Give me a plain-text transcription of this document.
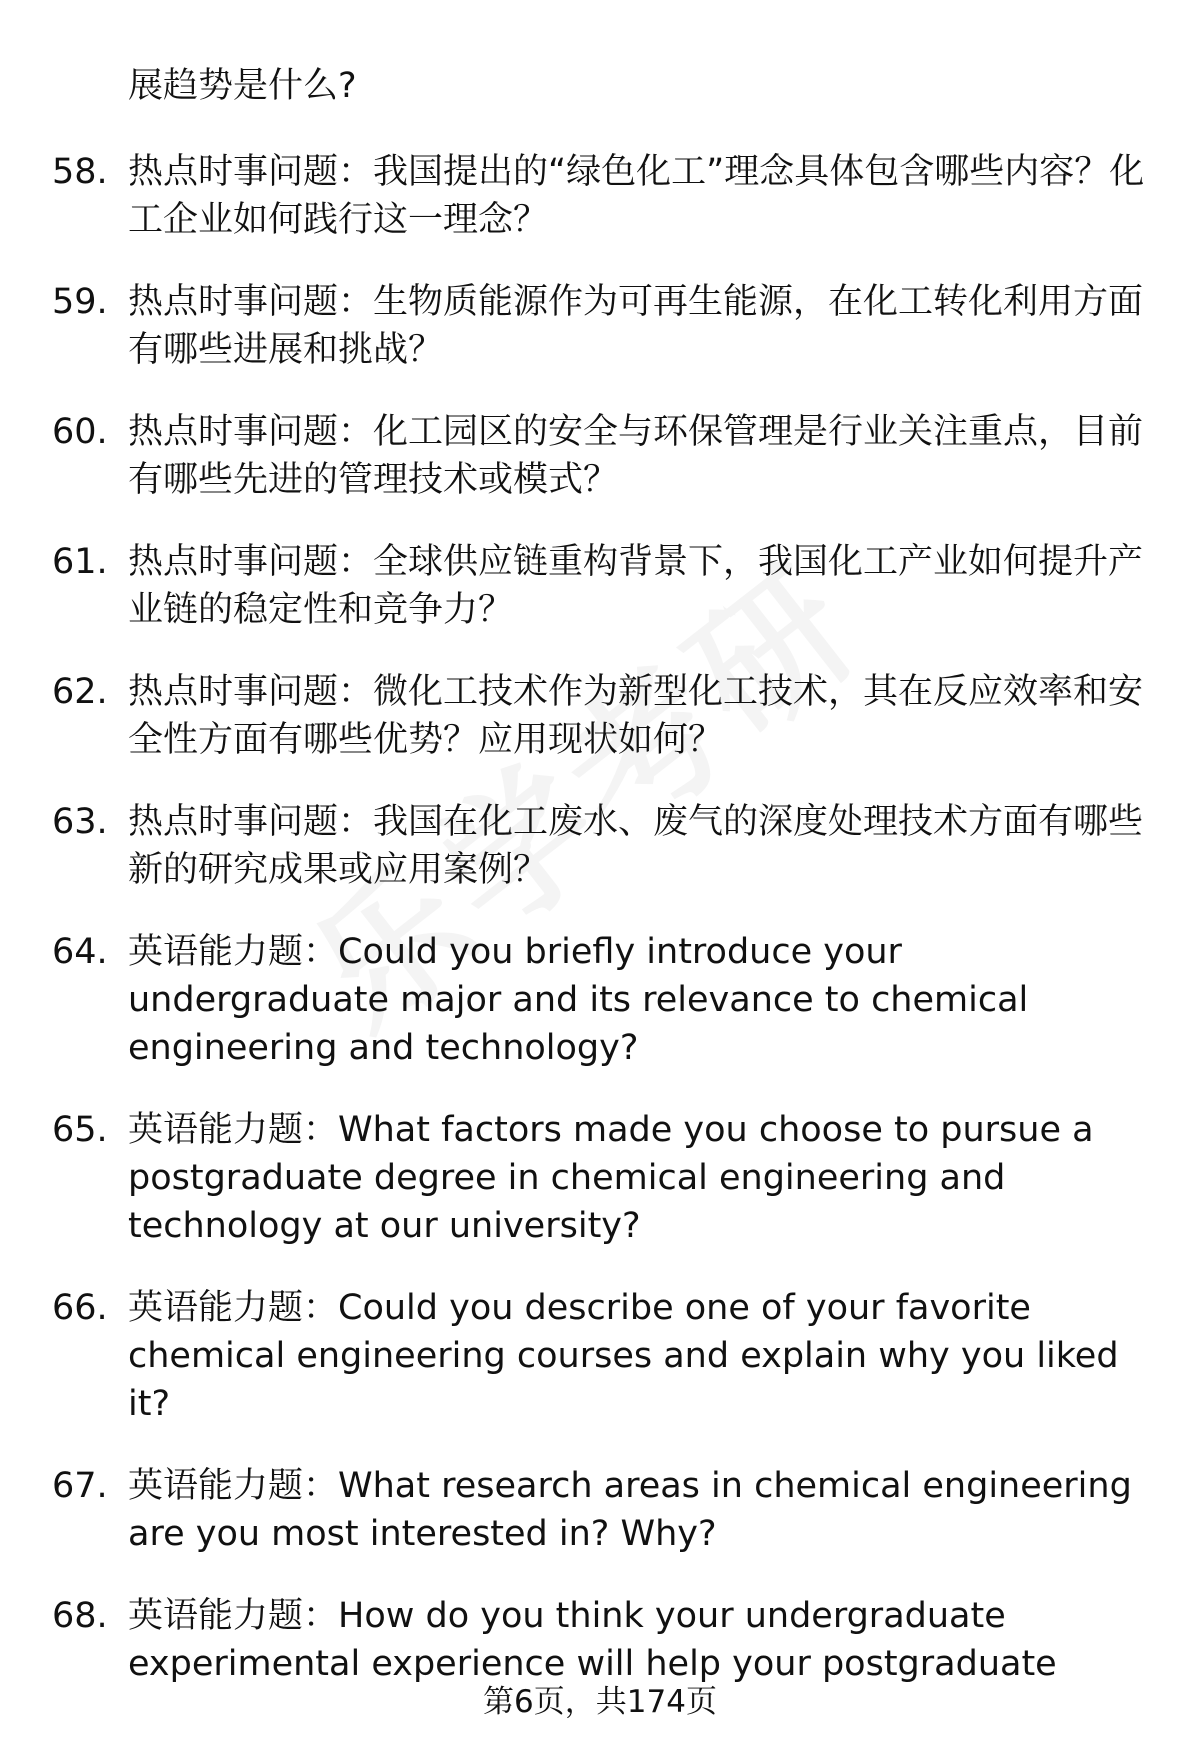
展趋势是什么?

58. 热点时事问题：我国提出的“绿色化工”理念具体包含哪些内容？化工企业如何践行这一理念？
59. 热点时事问题：生物质能源作为可再生能源，在化工转化利用方面有哪些进展和挑战？
60. 热点时事问题：化工园区的安全与环保管理是行业关注重点，目前有哪些先进的管理技术或模式？
61. 热点时事问题：全球供应链重构背景下，我国化工产业如何提升产业链的稳定性和竞争力？
62. 热点时事问题：微化工技术作为新型化工技术，其在反应效率和安全性方面有哪些优势？应用现状如何？
63. 热点时事问题：我国在化工废水、废气的深度处理技术方面有哪些新的研究成果或应用案例？
64. 英语能力题：Could you briefly introduce your undergraduate major and its relevance to chemical engineering and technology?
65. 英语能力题：What factors made you choose to pursue a postgraduate degree in chemical engineering and technology at our university?
66. 英语能力题：Could you describe one of your favorite chemical engineering courses and explain why you liked it?
67. 英语能力题：What research areas in chemical engineering are you most interested in? Why?
68. 英语能力题：How do you think your undergraduate experimental experience will help your postgraduate
第6页，共174页
